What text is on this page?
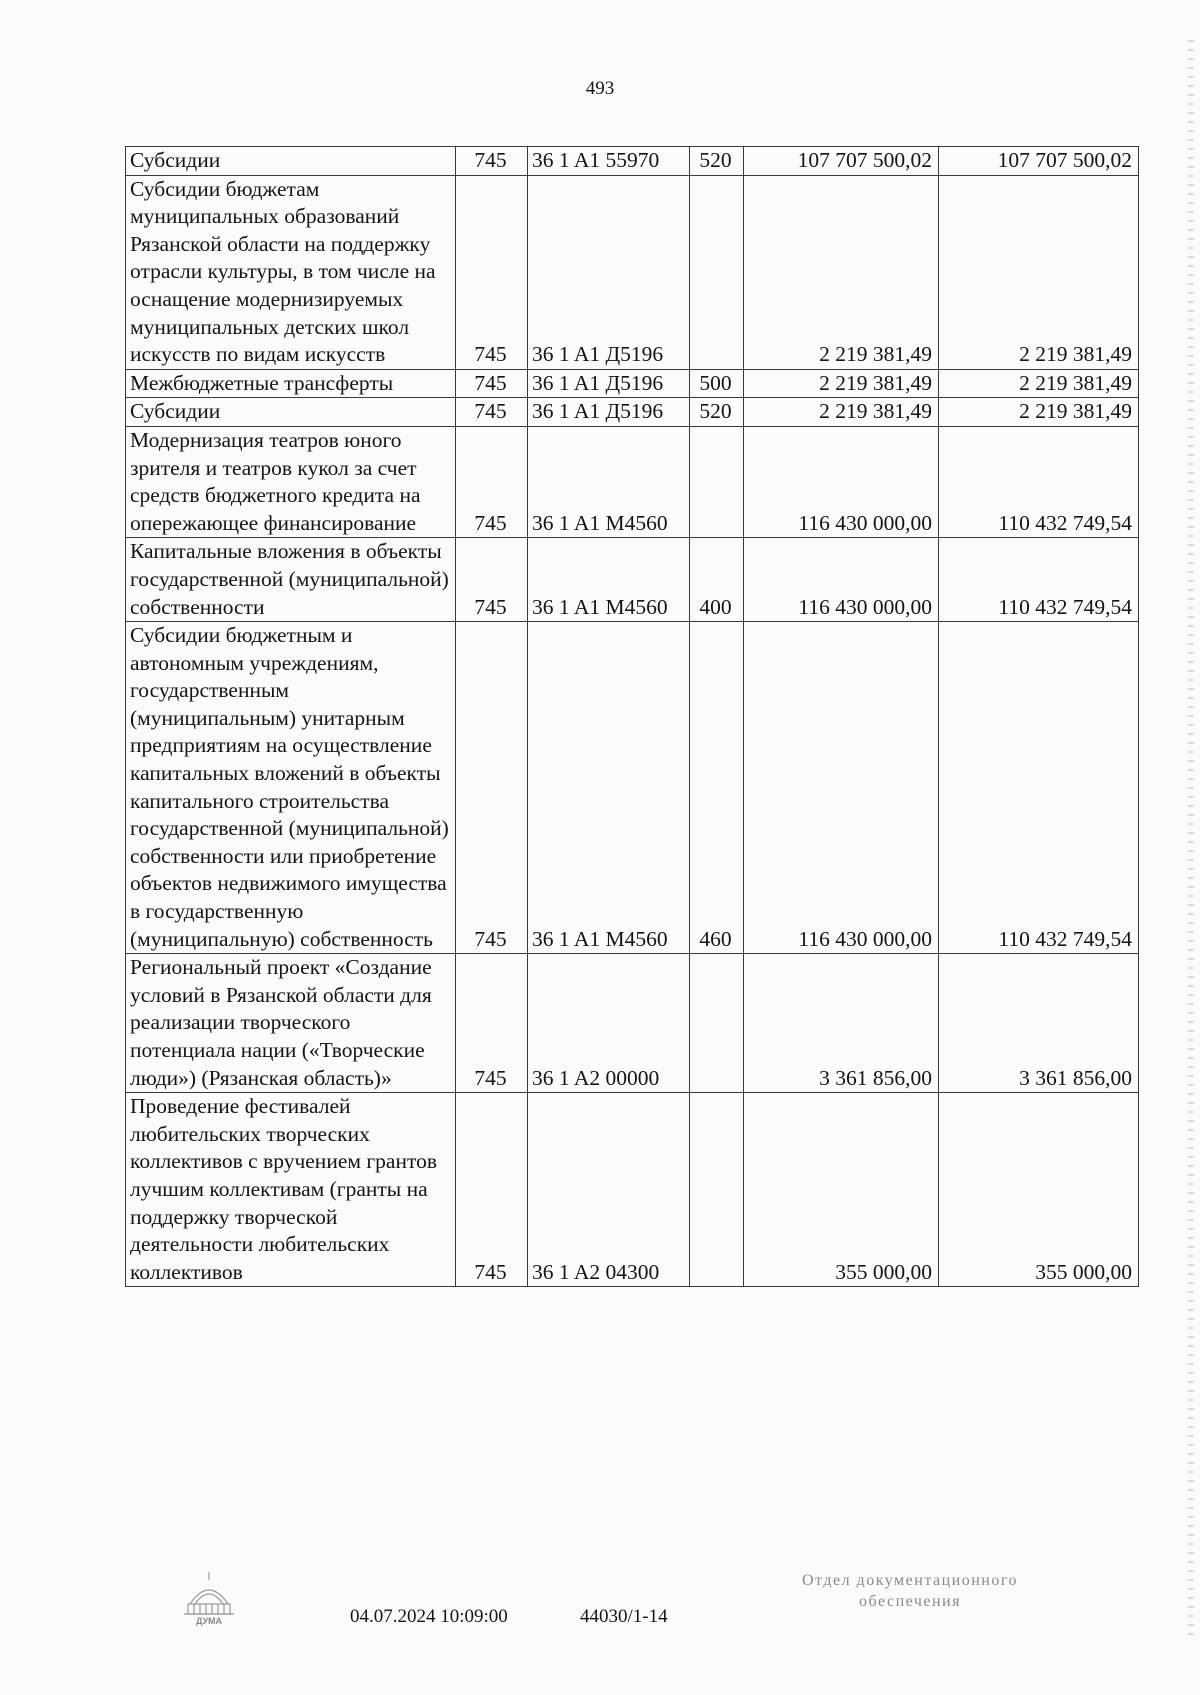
493
Субсидии	745	36 1 A1 55970	520	107 707 500,02	107 707 500,02
Субсидии бюджетам муниципальных образований Рязанской области на поддержку отрасли культуры, в том числе на оснащение модернизируемых муниципальных детских школ искусств по видам искусств	745	36 1 A1 Д5196		2 219 381,49	2 219 381,49
Межбюджетные трансферты	745	36 1 A1 Д5196	500	2 219 381,49	2 219 381,49
Субсидии	745	36 1 A1 Д5196	520	2 219 381,49	2 219 381,49
Модернизация театров юного зрителя и театров кукол за счет средств бюджетного кредита на опережающее финансирование	745	36 1 A1 M4560		116 430 000,00	110 432 749,54
Капитальные вложения в объекты государственной (муниципальной) собственности	745	36 1 A1 M4560	400	116 430 000,00	110 432 749,54
Субсидии бюджетным и автономным учреждениям, государственным (муниципальным) унитарным предприятиям на осуществление капитальных вложений в объекты капитального строительства государственной (муниципальной) собственности или приобретение объектов недвижимого имущества в государственную (муниципальную) собственность	745	36 1 A1 M4560	460	116 430 000,00	110 432 749,54
Региональный проект «Создание условий в Рязанской области для реализации творческого потенциала нации («Творческие люди») (Рязанская область)»	745	36 1 A2 00000		3 361 856,00	3 361 856,00
Проведение фестивалей любительских творческих коллективов с вручением грантов лучшим коллективам (гранты на поддержку творческой деятельности любительских коллективов	745	36 1 A2 04300		355 000,00	355 000,00
ДУМА	04.07.2024 10:09:00	44030/1-14
Отдел документационного
обеспечения
